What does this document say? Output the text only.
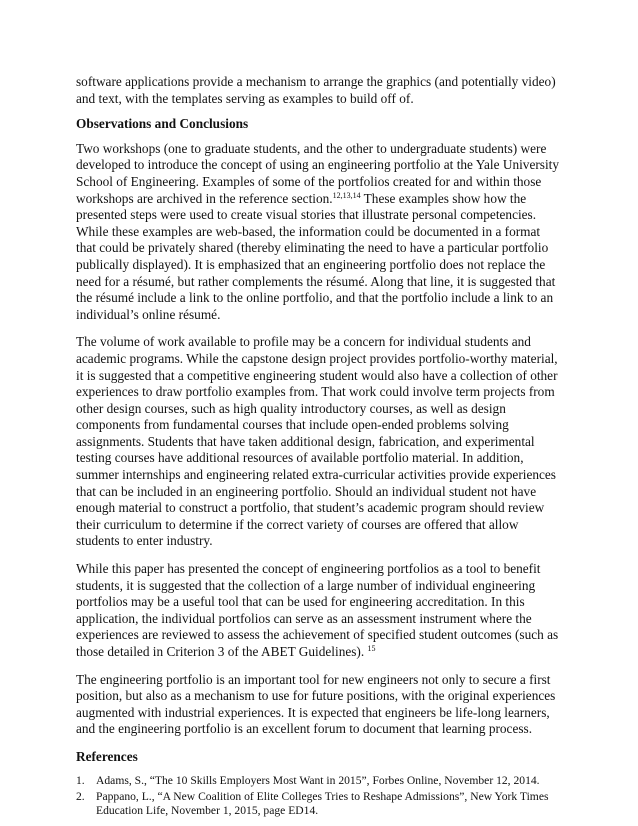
software applications provide a mechanism to arrange the graphics (and potentially video) and text, with the templates serving as examples to build off of.

Observations and Conclusions

Two workshops (one to graduate students, and the other to undergraduate students) were developed to introduce the concept of using an engineering portfolio at the Yale University School of Engineering. Examples of some of the portfolios created for and within those workshops are archived in the reference section.$^{12,13,14}$ These examples show how the presented steps were used to create visual stories that illustrate personal competencies. While these examples are web-based, the information could be documented in a format that could be privately shared (thereby eliminating the need to have a particular portfolio publically displayed). It is emphasized that an engineering portfolio does not replace the need for a résumé, but rather complements the résumé. Along that line, it is suggested that the résumé include a link to the online portfolio, and that the portfolio include a link to an individual’s online résumé.

The volume of work available to profile may be a concern for individual students and academic programs. While the capstone design project provides portfolio-worthy material, it is suggested that a competitive engineering student would also have a collection of other experiences to draw portfolio examples from. That work could involve term projects from other design courses, such as high quality introductory courses, as well as design components from fundamental courses that include open-ended problems solving assignments. Students that have taken additional design, fabrication, and experimental testing courses have additional resources of available portfolio material. In addition, summer internships and engineering related extra-curricular activities provide experiences that can be included in an engineering portfolio. Should an individual student not have enough material to construct a portfolio, that student’s academic program should review their curriculum to determine if the correct variety of courses are offered that allow students to enter industry.

While this paper has presented the concept of engineering portfolios as a tool to benefit students, it is suggested that the collection of a large number of individual engineering portfolios may be a useful tool that can be used for engineering accreditation. In this application, the individual portfolios can serve as an assessment instrument where the experiences are reviewed to assess the achievement of specified student outcomes (such as those detailed in Criterion 3 of the ABET Guidelines). $^{15}$

The engineering portfolio is an important tool for new engineers not only to secure a first position, but also as a mechanism to use for future positions, with the original experiences augmented with industrial experiences. It is expected that engineers be life-long learners, and the engineering portfolio is an excellent forum to document that learning process.

References
1. Adams, S., “The 10 Skills Employers Most Want in 2015”, Forbes Online, November 12, 2014.
2. Pappano, L., “A New Coalition of Elite Colleges Tries to Reshape Admissions”, New York Times Education Life, November 1, 2015, page ED14.
